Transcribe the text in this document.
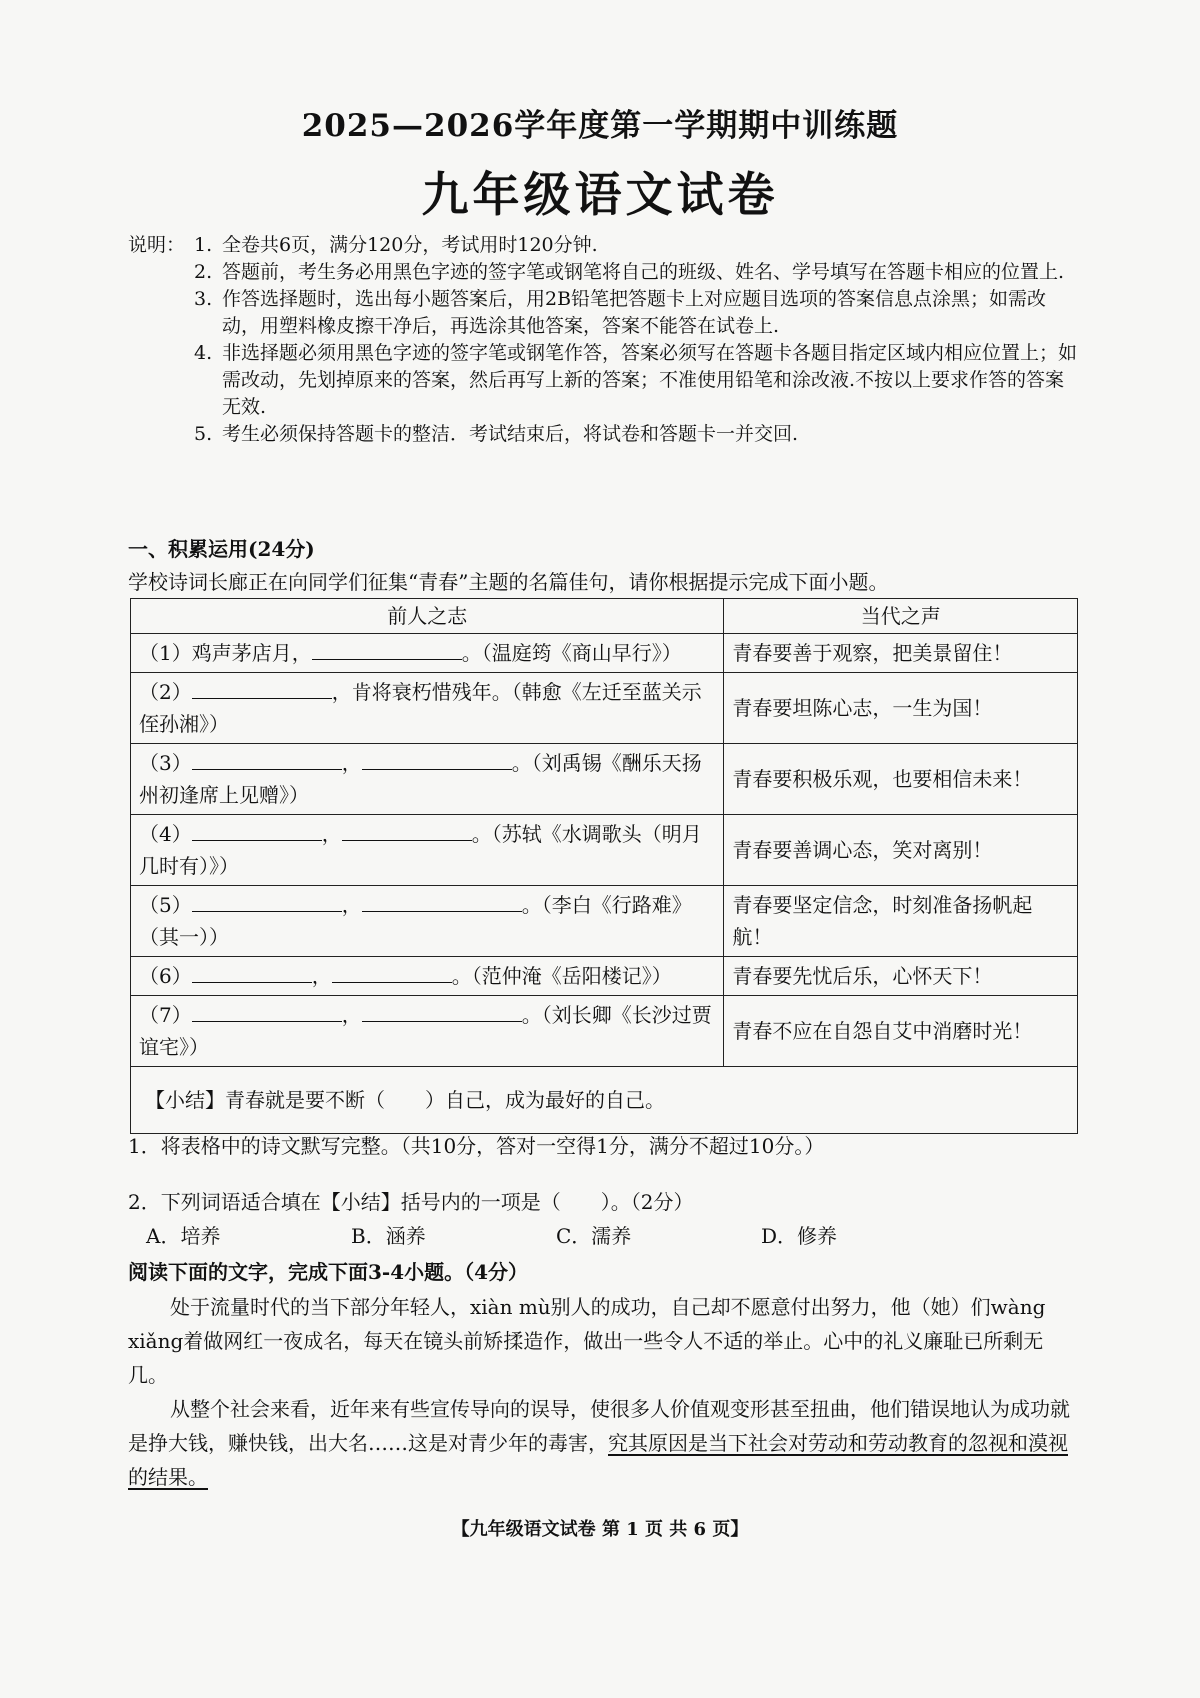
2025—2026学年度第一学期期中训练题
九年级语文试卷
说明： 1. 全卷共6页，满分120分，考试用时120分钟.
2. 答题前，考生务必用黑色字迹的签字笔或钢笔将自己的班级、姓名、学号填写在答题卡相应的位置上.
3. 作答选择题时，选出每小题答案后，用2B铅笔把答题卡上对应题目选项的答案信息点涂黑；如需改动，用塑料橡皮擦干净后，再选涂其他答案，答案不能答在试卷上.
4. 非选择题必须用黑色字迹的签字笔或钢笔作答，答案必须写在答题卡各题目指定区域内相应位置上；如需改动，先划掉原来的答案，然后再写上新的答案；不准使用铅笔和涂改液.不按以上要求作答的答案无效.
5. 考生必须保持答题卡的整洁．考试结束后，将试卷和答题卡一并交回.
一、积累运用(24分)
学校诗词长廊正在向同学们征集“青春”主题的名篇佳句，请你根据提示完成下面小题。
前人之志	当代之声
（1）鸡声茅店月， 。（温庭筠《商山早行》）	青春要善于观察，把美景留住！
（2） ，肯将衰朽惜残年。（韩愈《左迁至蓝关示侄孙湘》）	青春要坦陈心志，一生为国！
（3） ， 。（刘禹锡《酬乐天扬州初逢席上见赠》）	青春要积极乐观，也要相信未来！
（4） ， 。（苏轼《水调歌头（明月几时有）》）	青春要善调心态，笑对离别！
（5） ， 。（李白《行路难》（其一））	青春要坚定信念，时刻准备扬帆起航！
（6） ， 。（范仲淹《岳阳楼记》）	青春要先忧后乐，心怀天下！
（7） ， 。（刘长卿《长沙过贾谊宅》）	青春不应在自怨自艾中消磨时光！
【小结】青春就是要不断（　　）自己，成为最好的自己。	
1．将表格中的诗文默写完整。（共10分，答对一空得1分，满分不超过10分。）
2．下列词语适合填在【小结】括号内的一项是（　　）。（2分）
A．培养	B．涵养	C．濡养	D．修养
阅读下面的文字，完成下面3-4小题。（4分）
处于流量时代的当下部分年轻人，xiàn mù别人的成功，自己却不愿意付出努力，他（她）们wàng xiǎng着做网红一夜成名，每天在镜头前矫揉造作，做出一些令人不适的举止。心中的礼义廉耻已所剩无几。
从整个社会来看，近年来有些宣传导向的误导，使很多人价值观变形甚至扭曲，他们错误地认为成功就是挣大钱，赚快钱，出大名……这是对青少年的毒害，究其原因是当下社会对劳动和劳动教育的忽视和漠视的结果。
【九年级语文试卷 第 1 页 共 6 页】
